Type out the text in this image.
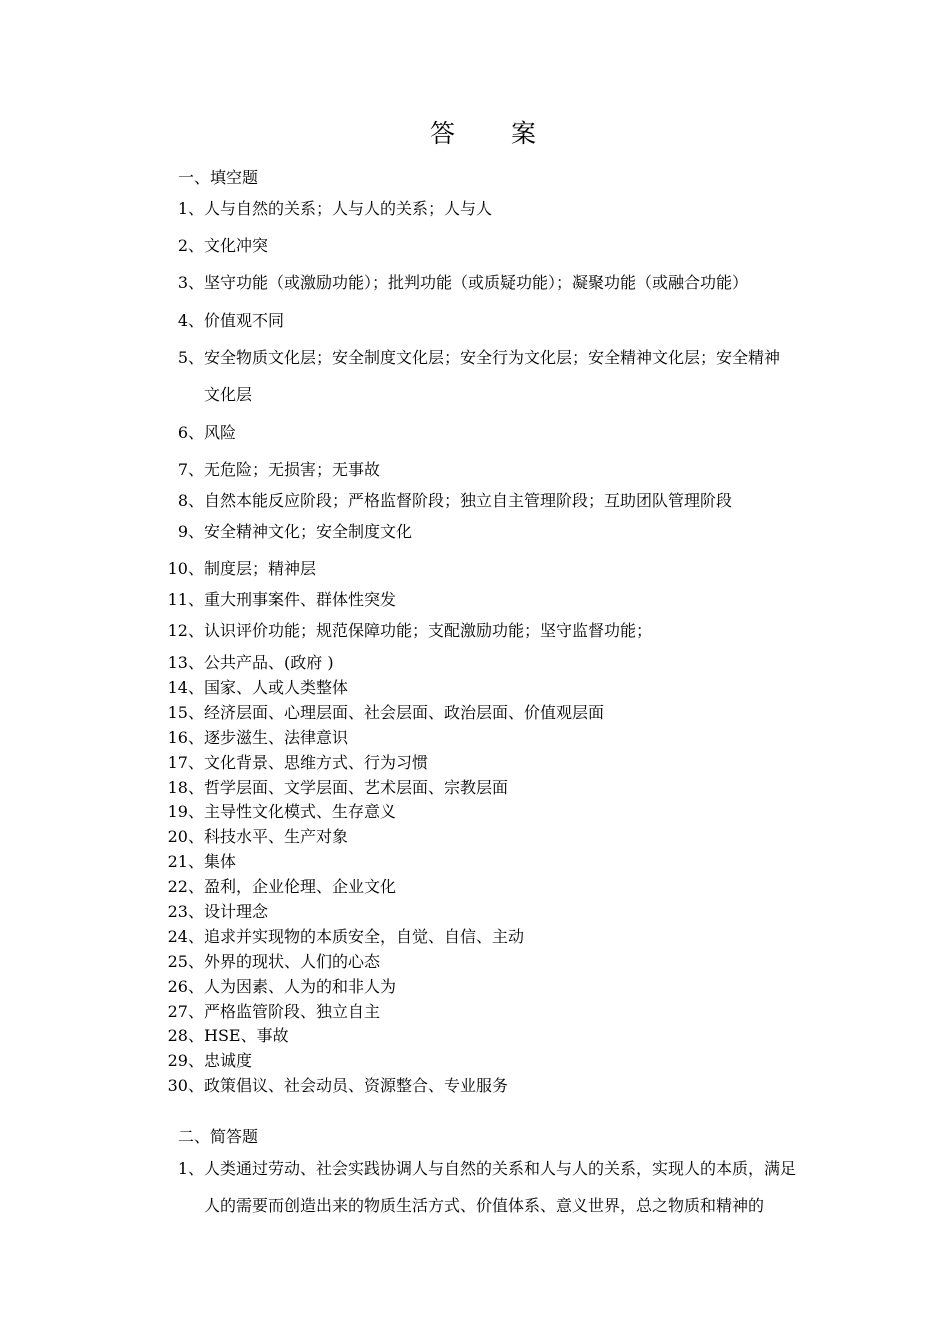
答 案
一、填空题
1、 人与自然的关系；人与人的关系；人与人
2、 文化冲突
3、 坚守功能（或激励功能）；批判功能（或质疑功能）；凝聚功能（或融合功能）
4、 价值观不同
5、 安全物质文化层；安全制度文化层；安全行为文化层；安全精神文化层；安全精神
文化层
6、 风险
7、 无危险；无损害；无事故
8、 自然本能反应阶段；严格监督阶段；独立自主管理阶段；互助团队管理阶段
9、 安全精神文化；安全制度文化
10、 制度层；精神层
11、 重大刑事案件、群体性突发
12、 认识评价功能；规范保障功能；支配激励功能；坚守监督功能；
13、 公共产品、(政府 )
14、 国家、人或人类整体
15、 经济层面、心理层面、社会层面、政治层面、价值观层面
16、 逐步滋生、法律意识
17、 文化背景、思维方式、行为习惯
18、 哲学层面、文学层面、艺术层面、宗教层面
19、 主导性文化模式、生存意义
20、 科技水平、生产对象
21、 集体
22、 盈利，企业伦理、企业文化
23、 设计理念
24、 追求并实现物的本质安全，自觉、自信、主动
25、 外界的现状、人们的心态
26、 人为因素、人为的和非人为
27、 严格监管阶段、独立自主
28、 HSE、事故
29、 忠诚度
30、 政策倡议、社会动员、资源整合、专业服务
二、简答题
1、 人类通过劳动、社会实践协调人与自然的关系和人与人的关系，实现人的本质，满足人的需要而创造出来的物质生活方式、价值体系、意义世界，总之物质和精神的
